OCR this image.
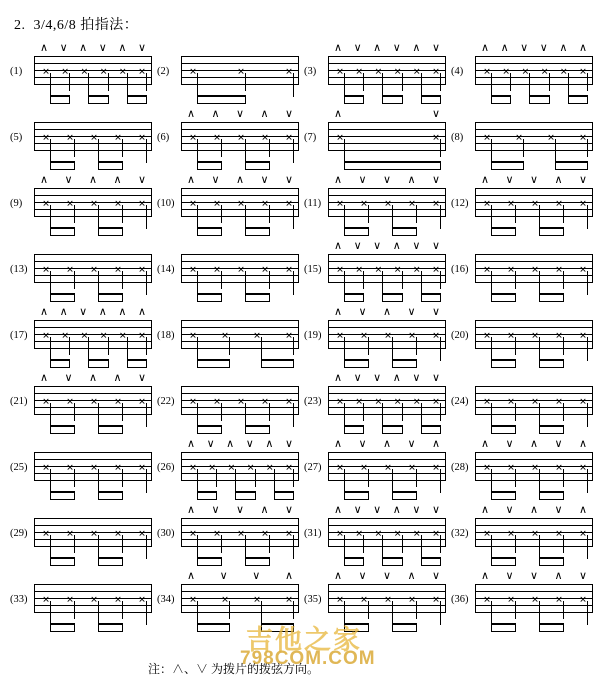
2. 3/4,6/8 拍指法：
(1)
∧ ∨ ∧ ∨ ∧ ∨
✕ ✕ ✕ ✕ ✕ ✕ (2) ✕	✕	✕ (3)
∧ ∨ ∧ ∨ ∧ ∨
✕ ✕ ✕ ✕ ✕ ✕ (4)
∧ ∧ ∨ ∨ ∧ ∧
✕ ✕ ✕ ✕ ✕ ✕
(5) ✕ ✕ ✕ ✕ ✕ (6)
∧ ∧ ∨ ∧ ∨
✕ ✕ ✕ ✕ ✕ (7)
∧	∨
✕	✕ (8) ✕	✕	✕	✕
(9)
∧ ∨ ∧ ∧ ∨
✕ ✕ ✕ ✕ ✕ (10)
∧ ∨ ∧ ∨ ∨
✕ ✕ ✕ ✕ ✕ (11)
∧ ∨ ∨ ∧ ∨
✕ ✕ ✕ ✕ ✕ (12)
∧ ∨ ∨ ∧ ∨
✕ ✕ ✕ ✕ ✕
(13) ✕ ✕ ✕ ✕ ✕ (14) ✕ ✕ ✕ ✕ ✕ (15)
∧ ∨ ∨ ∧ ∨ ∨
✕ ✕ ✕ ✕ ✕ ✕ (16) ✕ ✕ ✕ ✕ ✕
(17)
∧ ∧ ∨ ∧ ∧ ∧
✕ ✕ ✕ ✕ ✕ ✕ (18) ✕	✕	✕	✕ (19)
∧ ∨ ∧ ∨ ∨
✕ ✕ ✕ ✕ ✕ (20) ✕ ✕ ✕ ✕ ✕
(21)
∧ ∨ ∧ ∧ ∨
✕ ✕ ✕ ✕ ✕ (22) ✕ ✕ ✕ ✕ ✕ (23)
∧ ∨ ∨ ∧ ∨ ∨
✕ ✕ ✕ ✕ ✕ ✕ (24) ✕ ✕ ✕ ✕ ✕
(25) ✕ ✕ ✕ ✕ ✕ (26)
∧ ∨ ∧ ∨ ∧ ∨
✕ ✕ ✕ ✕ ✕ ✕ (27)
∧ ∨ ∧ ∨ ∧
✕ ✕ ✕ ✕ ✕ (28)
∧ ∨ ∧ ∨ ∧
✕ ✕ ✕ ✕ ✕
(29) ✕ ✕ ✕ ✕ ✕ (30)
∧ ∨ ∨ ∧ ∨
✕ ✕ ✕ ✕ ✕ (31)
∧ ∨ ∨ ∧ ∨ ∨
✕ ✕ ✕ ✕ ✕ ✕ (32)
∧ ∨ ∧ ∨ ∧
✕ ✕ ✕ ✕ ✕
(33) ✕ ✕ ✕ ✕ ✕ (34)
∧ ∨ ∨ ∧
✕	✕	✕	✕ (35)
∧ ∨ ∨ ∧ ∨
✕ ✕ ✕ ✕ ✕ (36)
∧ ∨ ∨ ∧ ∨
✕ ✕ ✕ ✕ ✕
注：∧、∨ 为拨片的拨弦方向。
吉他之家
798COM.COM
